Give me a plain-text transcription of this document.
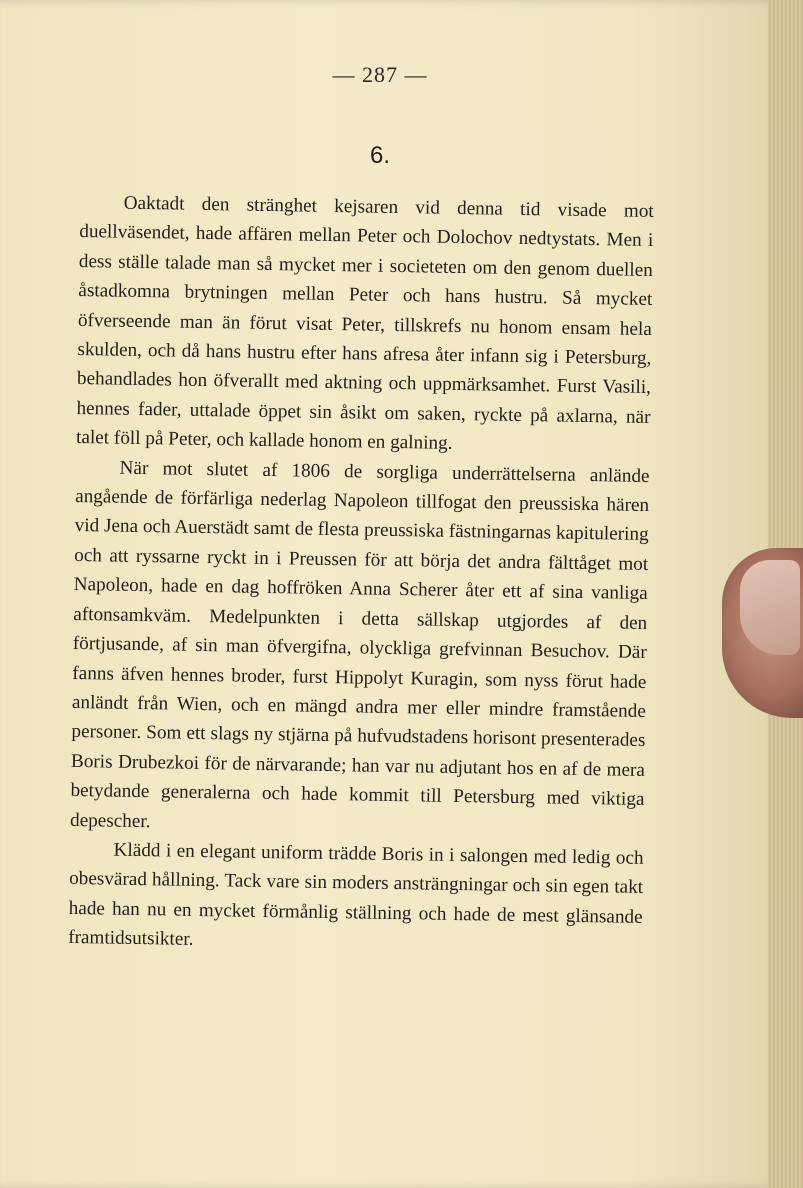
— 287 —
6.

Oaktadt den stränghet kejsaren vid denna tid visade mot duellväsendet, hade affären mellan Peter och Dolochov nedtystats. Men i dess ställe talade man så mycket mer i societeten om den genom duellen åstadkomna brytningen mellan Peter och hans hustru. Så mycket öfverseende man än förut visat Peter, tillskrefs nu honom ensam hela skulden, och då hans hustru efter hans afresa åter infann sig i Petersburg, behandlades hon öfverallt med aktning och uppmärksamhet. Furst Vasili, hennes fader, uttalade öppet sin åsikt om saken, ryckte på axlarna, när talet föll på Peter, och kallade honom en galning.

När mot slutet af 1806 de sorgliga underrättelserna anlände angående de förfärliga nederlag Napoleon tillfogat den preussiska hären vid Jena och Auerstädt samt de flesta preussiska fästningarnas kapitulering och att ryssarne ryckt in i Preussen för att börja det andra fälttåget mot Napoleon, hade en dag hoffröken Anna Scherer åter ett af sina vanliga aftonsamkväm. Medelpunkten i detta sällskap utgjordes af den förtjusande, af sin man öfvergifna, olyckliga grefvinnan Besuchov. Där fanns äfven hennes broder, furst Hippolyt Kuragin, som nyss förut hade anländt från Wien, och en mängd andra mer eller mindre framstående personer. Som ett slags ny stjärna på hufvudstadens horisont presenterades Boris Drubezkoi för de närvarande; han var nu adjutant hos en af de mera betydande generalerna och hade kommit till Petersburg med viktiga depescher.

Klädd i en elegant uniform trädde Boris in i salongen med ledig och obesvärad hållning. Tack vare sin moders ansträngningar och sin egen takt hade han nu en mycket förmånlig ställning och hade de mest glänsande framtidsutsikter.
